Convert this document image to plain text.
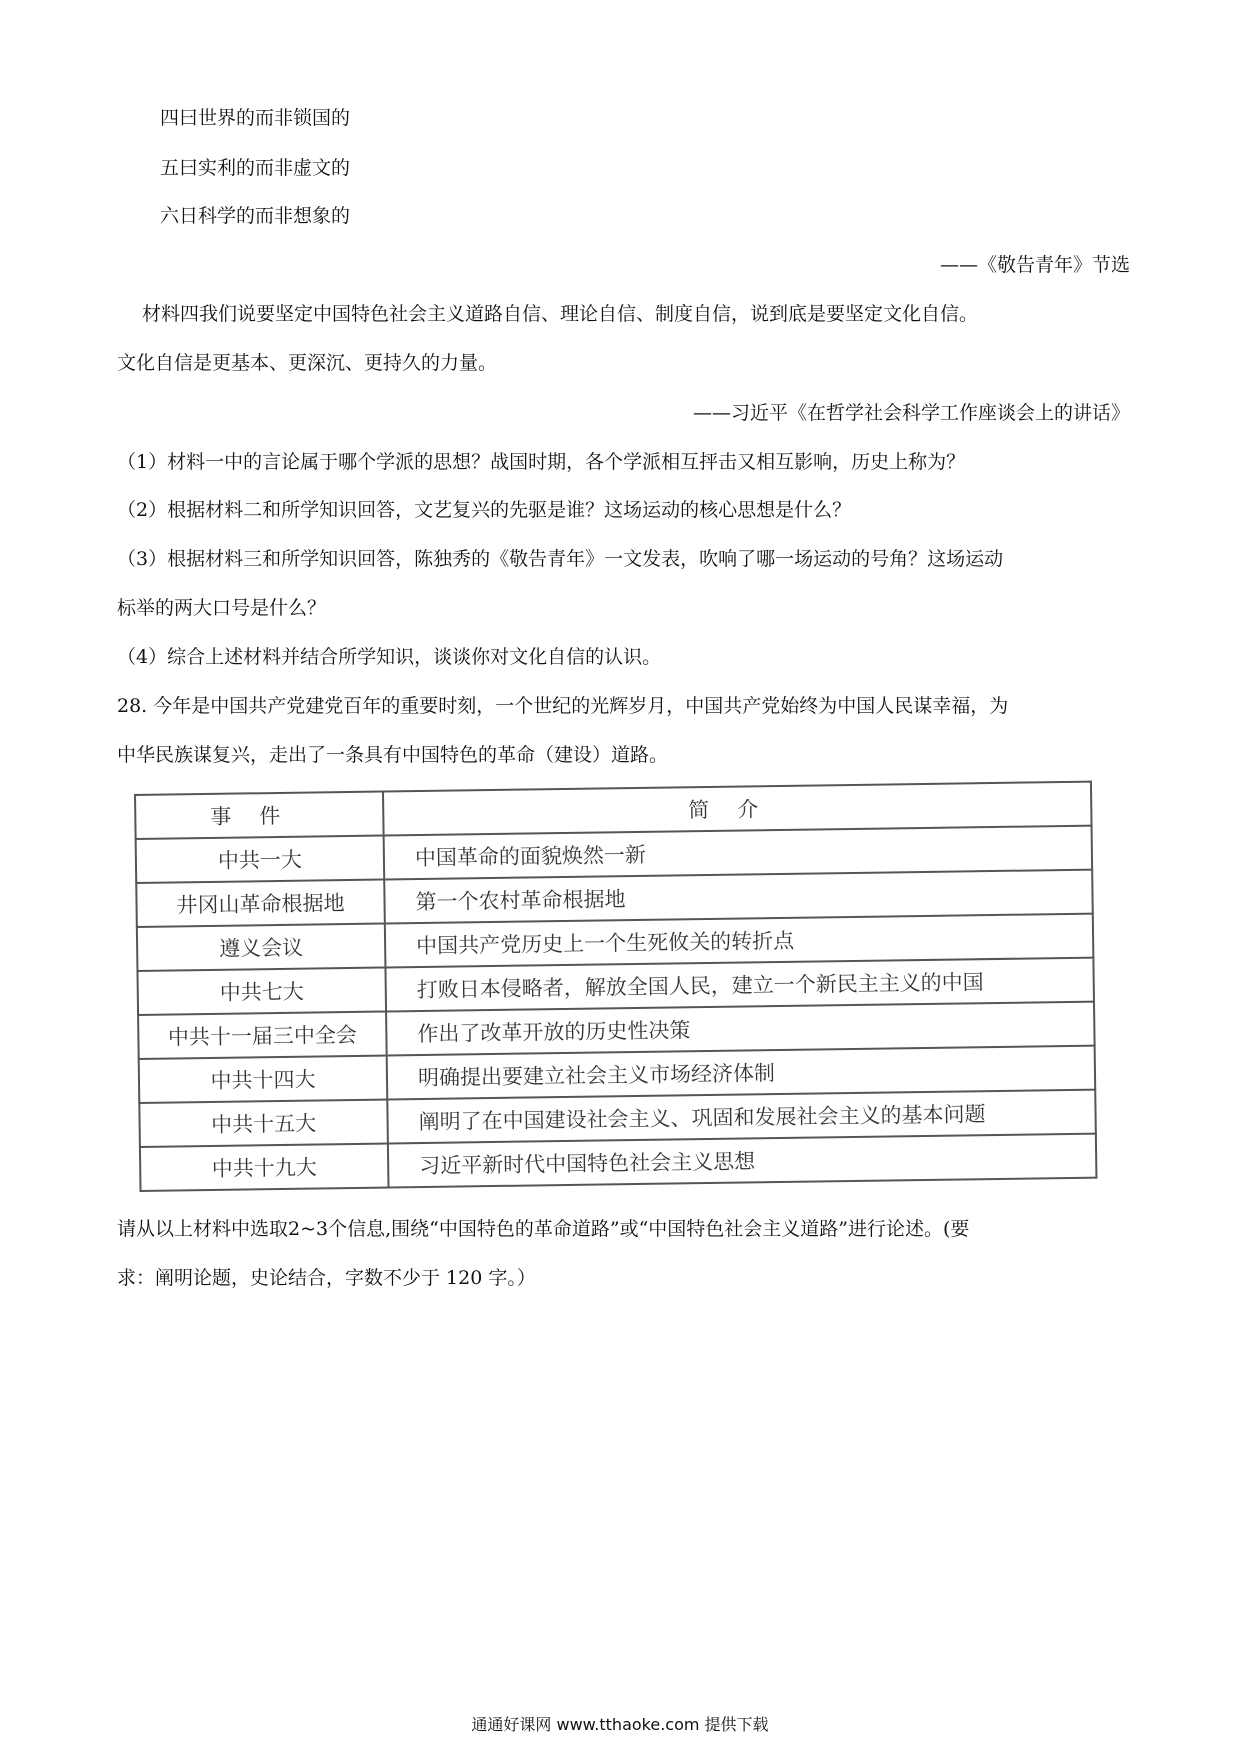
四曰世界的而非锁国的
五曰实利的而非虚文的
六日科学的而非想象的
——《敬告青年》节选
材料四我们说要坚定中国特色社会主义道路自信、理论自信、制度自信，说到底是要坚定文化自信。
文化自信是更基本、更深沉、更持久的力量。
——习近平《在哲学社会科学工作座谈会上的讲话》
（1）材料一中的言论属于哪个学派的思想？战国时期，各个学派相互抨击又相互影响，历史上称为？
（2）根据材料二和所学知识回答，文艺复兴的先驱是谁？这场运动的核心思想是什么？
（3）根据材料三和所学知识回答，陈独秀的《敬告青年》一文发表，吹响了哪一场运动的号角？这场运动
标举的两大口号是什么？
（4）综合上述材料并结合所学知识，谈谈你对文化自信的认识。
28. 今年是中国共产党建党百年的重要时刻，一个世纪的光辉岁月，中国共产党始终为中国人民谋幸福，为
中华民族谋复兴，走出了一条具有中国特色的革命（建设）道路。
事件	简介
中共一大	中国革命的面貌焕然一新
井冈山革命根据地	第一个农村革命根据地
遵义会议	中国共产党历史上一个生死攸关的转折点
中共七大	打败日本侵略者，解放全国人民，建立一个新民主主义的中国
中共十一届三中全会	作出了改革开放的历史性决策
中共十四大	明确提出要建立社会主义市场经济体制
中共十五大	阐明了在中国建设社会主义、巩固和发展社会主义的基本问题
中共十九大	习近平新时代中国特色社会主义思想
请从以上材料中选取2~3个信息,围绕“中国特色的革命道路”或“中国特色社会主义道路”进行论述。(要
求：阐明论题，史论结合，字数不少于 120 字。）
通通好课网 www.tthaoke.com 提供下载
